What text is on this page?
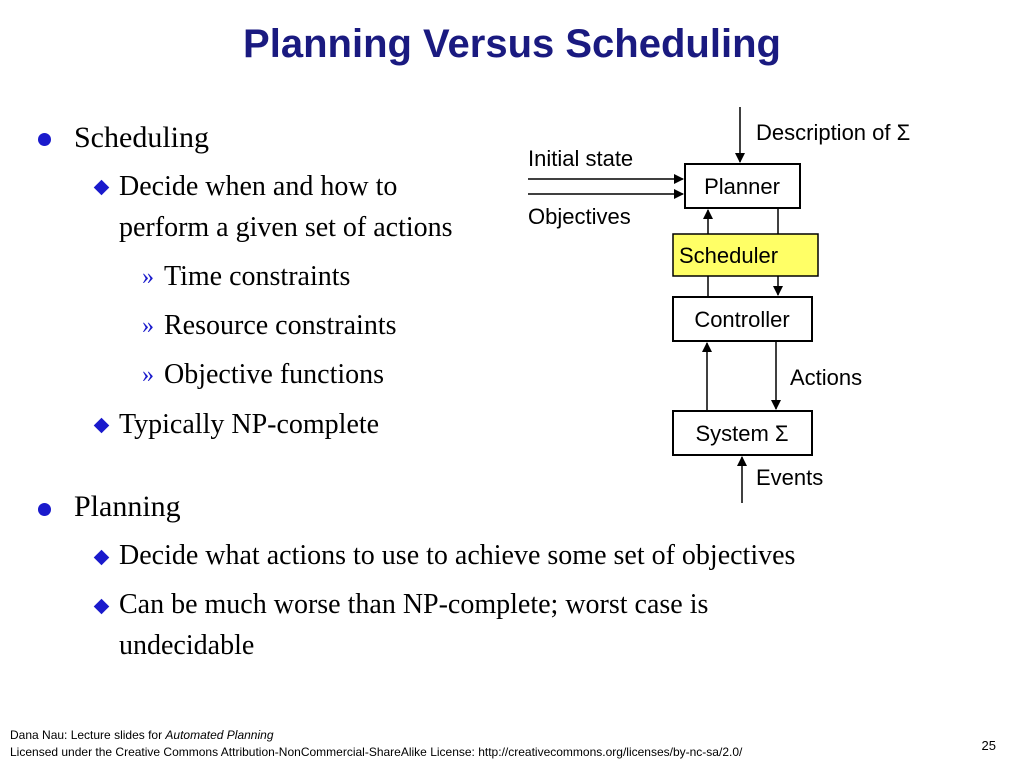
Planning Versus Scheduling
Scheduling
Decide when and how to
perform a given set of actions
» Time constraints
» Resource constraints
» Objective functions
Typically NP-complete
Planning
Decide what actions to use to achieve some set of objectives
Can be much worse than NP-complete; worst case is
undecidable
Description of Σ
Initial state
Objectives
Planner
Scheduler
Controller
Actions
System Σ
Events
Dana Nau: Lecture slides for Automated Planning
Licensed under the Creative Commons Attribution-NonCommercial-ShareAlike License: http://creativecommons.org/licenses/by-nc-sa/2.0/	25
